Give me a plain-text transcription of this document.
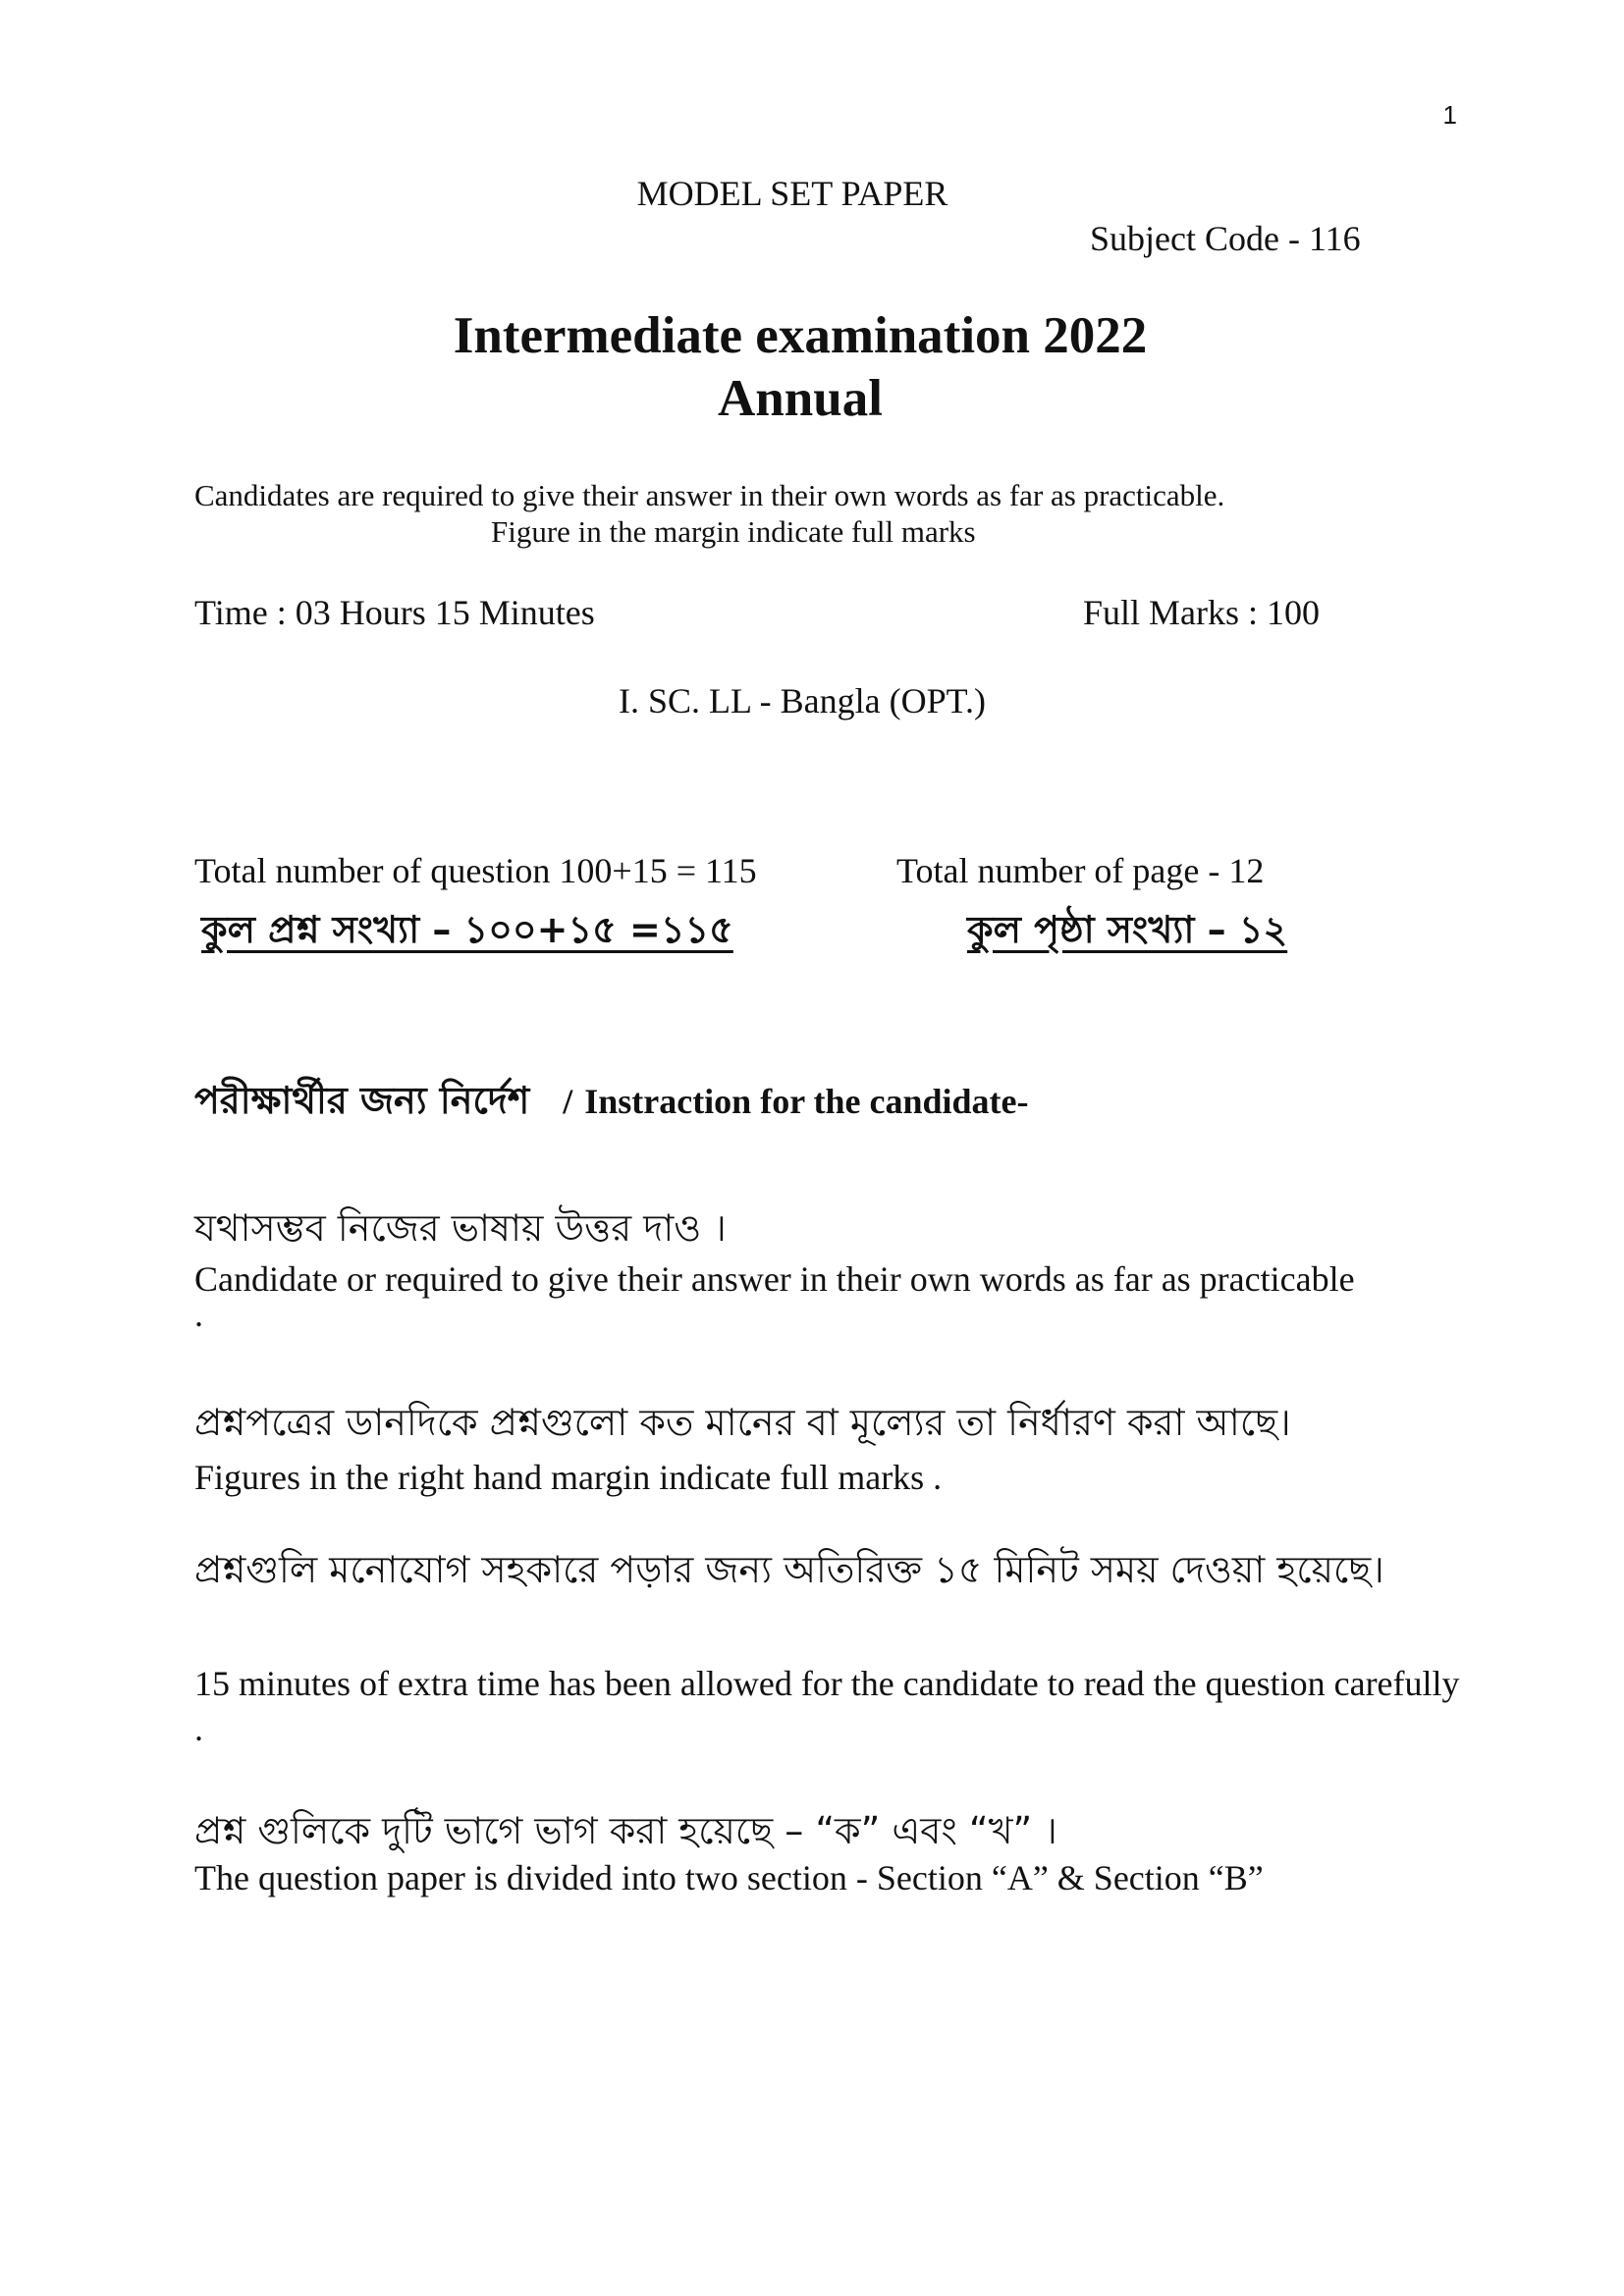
1
MODEL SET PAPER
Subject Code - 116
Intermediate examination 2022
Annual
Candidates are required to give their answer in their own words as far as practicable.
Figure in the margin indicate full marks
Time : 03 Hours 15 Minutes	Full Marks : 100
I. SC. LL - Bangla (OPT.)
Total number of question 100+15 = 115	Total number of page - 12
কুল প্রশ্ন সংখ্যা – ১০০+১৫ =১১৫	কুল পৃষ্ঠা সংখ্যা – ১২
পরীক্ষার্থীর জন্য নির্দেশ / Instraction for the candidate-
যথাসম্ভব নিজের ভাষায় উত্তর দাও ।
Candidate or required to give their answer in their own words as far as practicable
.
প্রশ্নপত্রের ডানদিকে প্রশ্নগুলো কত মানের বা মূল্যের তা নির্ধারণ করা আছে।
Figures in the right hand margin indicate full marks .
প্রশ্নগুলি মনোযোগ সহকারে পড়ার জন্য অতিরিক্ত ১৫ মিনিট সময় দেওয়া হয়েছে।
15 minutes of extra time has been allowed for the candidate to read the question carefully .
প্রশ্ন গুলিকে দুটি ভাগে ভাগ করা হয়েছে – “ক” এবং “খ” ।
The question paper is divided into two section - Section “A” & Section “B”
